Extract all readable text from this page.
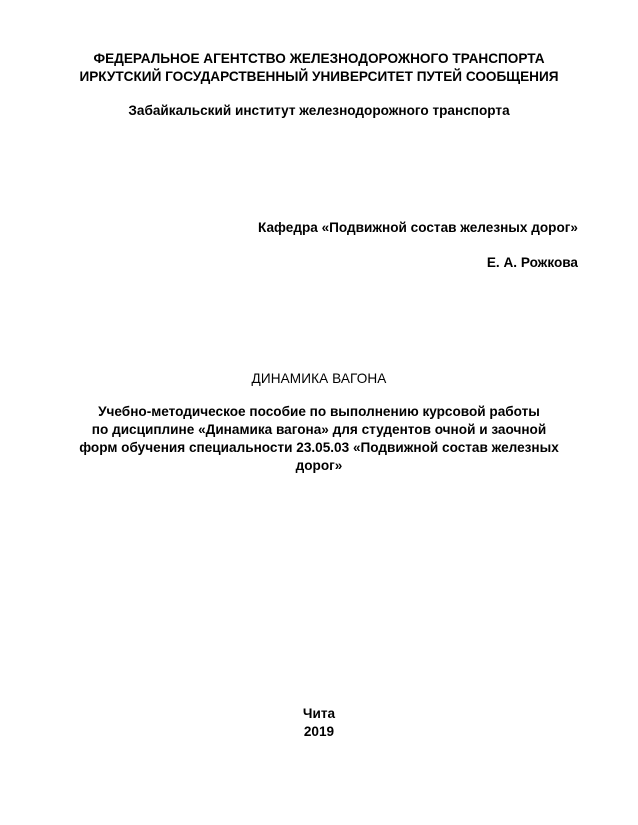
ФЕДЕРАЛЬНОЕ АГЕНТСТВО ЖЕЛЕЗНОДОРОЖНОГО ТРАНСПОРТА
ИРКУТСКИЙ ГОСУДАРСТВЕННЫЙ УНИВЕРСИТЕТ ПУТЕЙ СООБЩЕНИЯ
Забайкальский институт железнодорожного транспорта
Кафедра «Подвижной состав железных дорог»
Е. А. Рожкова
ДИНАМИКА ВАГОНА
Учебно-методическое пособие по выполнению курсовой работы
по дисциплине «Динамика вагона» для студентов очной и заочной
форм обучения специальности 23.05.03 «Подвижной состав железных
дорог»
Чита
2019
